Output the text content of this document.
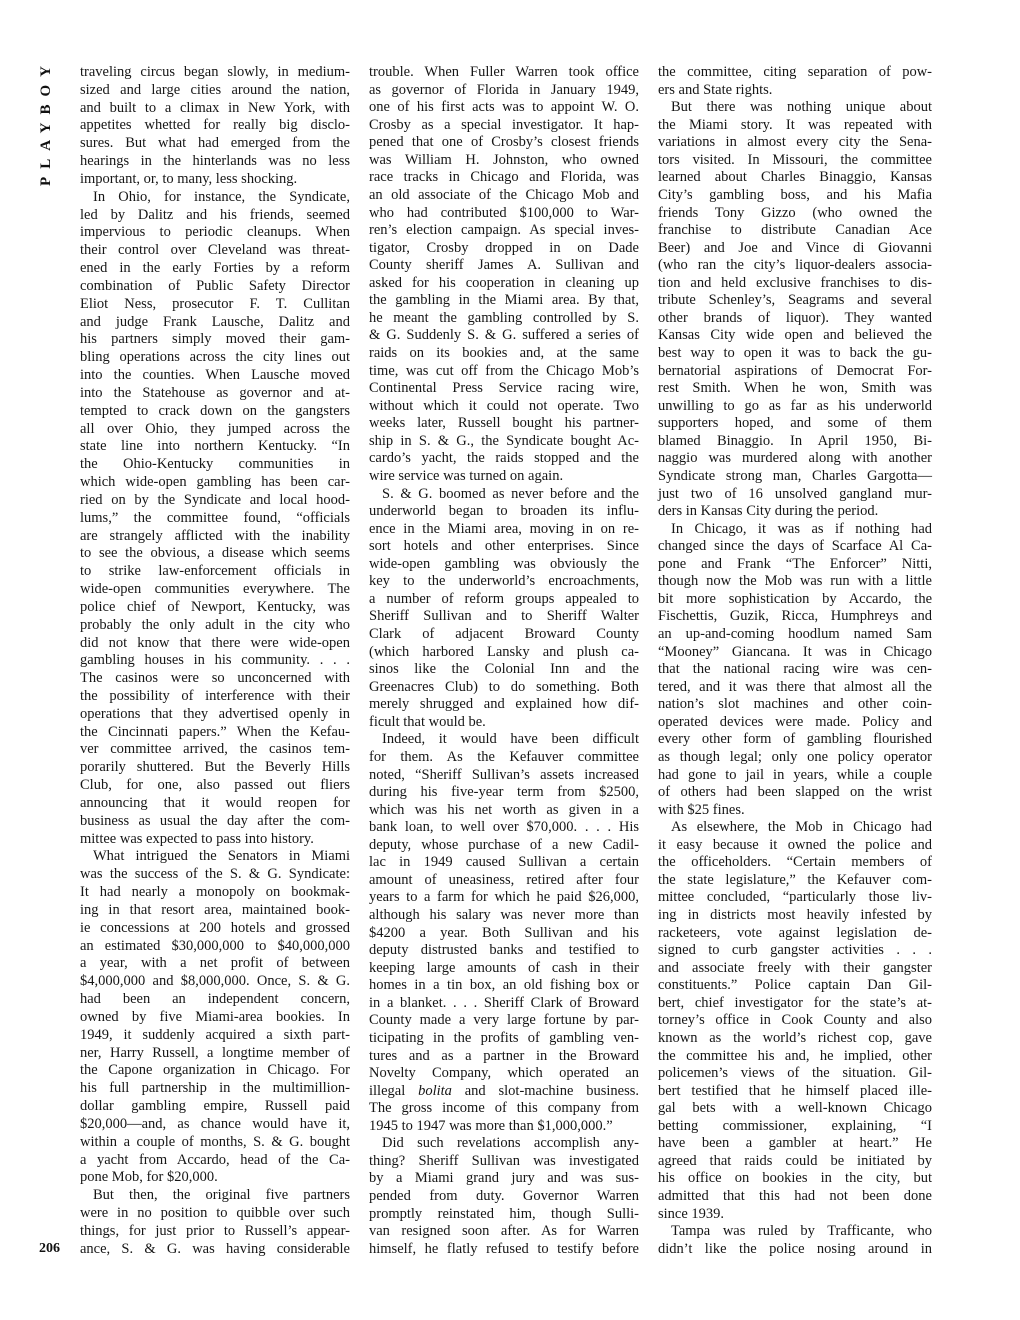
PLAYBOY traveling circus began slowly, in medium-
sized and large cities around the nation,
and built to a climax in New York, with
appetites whetted for really big disclo-
sures. But what had emerged from the
hearings in the hinterlands was no less
important, or, to many, less shocking.
In Ohio, for instance, the Syndicate,
led by Dalitz and his friends, seemed
impervious to periodic cleanups. When
their control over Cleveland was threat-
ened in the early Forties by a reform
combination of Public Safety Director
Eliot Ness, prosecutor F. T. Cullitan
and judge Frank Lausche, Dalitz and
his partners simply moved their gam-
bling operations across the city lines out
into the counties. When Lausche moved
into the Statehouse as governor and at-
tempted to crack down on the gangsters
all over Ohio, they jumped across the
state line into northern Kentucky. “In
the Ohio-Kentucky communities in
which wide-open gambling has been car-
ried on by the Syndicate and local hood-
lums,” the committee found, “officials
are strangely afflicted with the inability
to see the obvious, a disease which seems
to strike law-enforcement officials in
wide-open communities everywhere. The
police chief of Newport, Kentucky, was
probably the only adult in the city who
did not know that there were wide-open
gambling houses in his community. . . .
The casinos were so unconcerned with
the possibility of interference with their
operations that they advertised openly in
the Cincinnati papers.” When the Kefau-
ver committee arrived, the casinos tem-
porarily shuttered. But the Beverly Hills
Club, for one, also passed out fliers
announcing that it would reopen for
business as usual the day after the com-
mittee was expected to pass into history.
What intrigued the Senators in Miami
was the success of the S. & G. Syndicate:
It had nearly a monopoly on bookmak-
ing in that resort area, maintained book-
ie concessions at 200 hotels and grossed
an estimated $30,000,000 to $40,000,000
a year, with a net profit of between
$4,000,000 and $8,000,000. Once, S. & G.
had been an independent concern,
owned by five Miami-area bookies. In
1949, it suddenly acquired a sixth part-
ner, Harry Russell, a longtime member of
the Capone organization in Chicago. For
his full partnership in the multimillion-
dollar gambling empire, Russell paid
$20,000—and, as chance would have it,
within a couple of months, S. & G. bought
a yacht from Accardo, head of the Ca-
pone Mob, for $20,000.
But then, the original five partners
were in no position to quibble over such
things, for just prior to Russell’s appear-
ance, S. & G. was having considerable
trouble. When Fuller Warren took office
as governor of Florida in January 1949,
one of his first acts was to appoint W. O.
Crosby as a special investigator. It hap-
pened that one of Crosby’s closest friends
was William H. Johnston, who owned
race tracks in Chicago and Florida, was
an old associate of the Chicago Mob and
who had contributed $100,000 to War-
ren’s election campaign. As special inves-
tigator, Crosby dropped in on Dade
County sheriff James A. Sullivan and
asked for his cooperation in cleaning up
the gambling in the Miami area. By that,
he meant the gambling controlled by S.
& G. Suddenly S. & G. suffered a series of
raids on its bookies and, at the same
time, was cut off from the Chicago Mob’s
Continental Press Service racing wire,
without which it could not operate. Two
weeks later, Russell bought his partner-
ship in S. & G., the Syndicate bought Ac-
cardo’s yacht, the raids stopped and the
wire service was turned on again.
S. & G. boomed as never before and the
underworld began to broaden its influ-
ence in the Miami area, moving in on re-
sort hotels and other enterprises. Since
wide-open gambling was obviously the
key to the underworld’s encroachments,
a number of reform groups appealed to
Sheriff Sullivan and to Sheriff Walter
Clark of adjacent Broward County
(which harbored Lansky and plush ca-
sinos like the Colonial Inn and the
Greenacres Club) to do something. Both
merely shrugged and explained how dif-
ficult that would be.
Indeed, it would have been difficult
for them. As the Kefauver committee
noted, “Sheriff Sullivan’s assets increased
during his five-year term from $2500,
which was his net worth as given in a
bank loan, to well over $70,000. . . . His
deputy, whose purchase of a new Cadil-
lac in 1949 caused Sullivan a certain
amount of uneasiness, retired after four
years to a farm for which he paid $26,000,
although his salary was never more than
$4200 a year. Both Sullivan and his
deputy distrusted banks and testified to
keeping large amounts of cash in their
homes in a tin box, an old fishing box or
in a blanket. . . . Sheriff Clark of Broward
County made a very large fortune by par-
ticipating in the profits of gambling ven-
tures and as a partner in the Broward
Novelty Company, which operated an
illegal bolita and slot-machine business.
The gross income of this company from
1945 to 1947 was more than $1,000,000.”
Did such revelations accomplish any-
thing? Sheriff Sullivan was investigated
by a Miami grand jury and was sus-
pended from duty. Governor Warren
promptly reinstated him, though Sulli-
van resigned soon after. As for Warren
himself, he flatly refused to testify before
the committee, citing separation of pow-
ers and State rights.
But there was nothing unique about
the Miami story. It was repeated with
variations in almost every city the Sena-
tors visited. In Missouri, the committee
learned about Charles Binaggio, Kansas
City’s gambling boss, and his Mafia
friends Tony Gizzo (who owned the
franchise to distribute Canadian Ace
Beer) and Joe and Vince di Giovanni
(who ran the city’s liquor-dealers associa-
tion and held exclusive franchises to dis-
tribute Schenley’s, Seagrams and several
other brands of liquor). They wanted
Kansas City wide open and believed the
best way to open it was to back the gu-
bernatorial aspirations of Democrat For-
rest Smith. When he won, Smith was
unwilling to go as far as his underworld
supporters hoped, and some of them
blamed Binaggio. In April 1950, Bi-
naggio was murdered along with another
Syndicate strong man, Charles Gargotta—
just two of 16 unsolved gangland mur-
ders in Kansas City during the period.
In Chicago, it was as if nothing had
changed since the days of Scarface Al Ca-
pone and Frank “The Enforcer” Nitti,
though now the Mob was run with a little
bit more sophistication by Accardo, the
Fischettis, Guzik, Ricca, Humphreys and
an up-and-coming hoodlum named Sam
“Mooney” Giancana. It was in Chicago
that the national racing wire was cen-
tered, and it was there that almost all the
nation’s slot machines and other coin-
operated devices were made. Policy and
every other form of gambling flourished
as though legal; only one policy operator
had gone to jail in years, while a couple
of others had been slapped on the wrist
with $25 fines.
As elsewhere, the Mob in Chicago had
it easy because it owned the police and
the officeholders. “Certain members of
the state legislature,” the Kefauver com-
mittee concluded, “particularly those liv-
ing in districts most heavily infested by
racketeers, vote against legislation de-
signed to curb gangster activities . . .
and associate freely with their gangster
constituents.” Police captain Dan Gil-
bert, chief investigator for the state’s at-
torney’s office in Cook County and also
known as the world’s richest cop, gave
the committee his and, he implied, other
policemen’s views of the situation. Gil-
bert testified that he himself placed ille-
gal bets with a well-known Chicago
betting commissioner, explaining, “I
have been a gambler at heart.” He
agreed that raids could be initiated by
his office on bookies in the city, but
admitted that this had not been done
since 1939.
Tampa was ruled by Trafficante, who
didn’t like the police nosing around in
206
